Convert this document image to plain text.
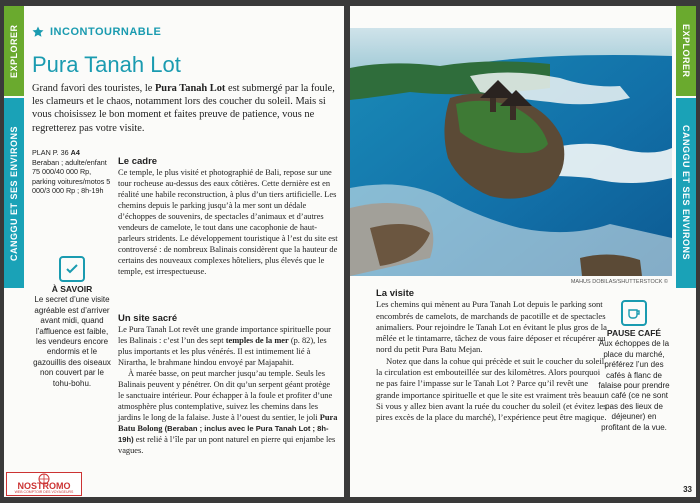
EXPLORER
CANGGU ET SES ENVIRONS
INCONTOURNABLE
Pura Tanah Lot
Grand favori des touristes, le Pura Tanah Lot est submergé par la foule, les clameurs et le chaos, notamment lors des coucher du soleil. Mais si vous choisissez le bon moment et faites preuve de patience, vous ne regretterez pas votre visite.
PLAN P. 36 A4
Beraban ; adulte/enfant 75 000/40 000 Rp, parking voitures/motos 5 000/3 000 Rp ; 8h-19h
Le cadre

Ce temple, le plus visité et photographié de Bali, repose sur une tour rocheuse au-dessus des eaux côtières. Cette dernière est en réalité une habile reconstruction, à plus d’un tiers artificielle. Les chemins depuis le parking jusqu’à la mer sont un dédale d’échoppes de souvenirs, de spectacles d’animaux et d’autres vendeurs de camelote, le tout dans une cacophonie de haut-parleurs stridents. Le développement touristique à l’est du site est controversé : de nombreux Balinais considèrent que la hauteur de certains des nouveaux complexes hôteliers, plus élevés que le temple, est irrespectueuse.

Un site sacré

Le Pura Tanah Lot revêt une grande importance spirituelle pour les Balinais : c’est l’un des sept temples de la mer (p. 82), les plus importants et les plus vénérés. Il est intimement lié à Nirartha, le brahmane hindou envoyé par Majapahit.

À marée basse, on peut marcher jusqu’au temple. Seuls les Balinais peuvent y pénétrer. On dit qu’un serpent géant protège le sanctuaire intérieur. Pour échapper à la foule et profiter d’une atmosphère plus contemplative, suivez les chemins dans les jardins le long de la falaise. Juste à l’ouest du sentier, le joli Pura Batu Bolong (Beraban ; inclus avec le Pura Tanah Lot ; 8h-19h) est relié à l’île par un pont naturel en pierre qui enjambe les vagues.

À SAVOIR
Le secret d’une visite agréable est d’arriver avant midi, quand l’affluence est faible, les vendeurs encore endormis et le gazouillis des oiseaux non couvert par le tohu-bohu.
NOSTROMO
WEB COMPTOIR DES VOYAGEURS
EXPLORER
CANGGU ET SES ENVIRONS
MAHUS DOBILAS/SHUTTERSTOCK ©
La visite

Les chemins qui mènent au Pura Tanah Lot depuis le parking sont encombrés de camelots, de marchands de pacotille et de spectacles animaliers. Pour rejoindre le Tanah Lot en évitant le plus gros de la mêlée et le tintamarre, tâchez de vous faire déposer et récupérer au nord du petit Pura Batu Mejan.

Notez que dans la cohue qui précède et suit le coucher du soleil, la circulation est embouteillée sur des kilomètres. Alors pourquoi ne pas faire l’impasse sur le Tanah Lot ? Parce qu’il revêt une grande importance spirituelle et que le site est vraiment très beau. Si vous y allez bien avant la ruée du coucher du soleil (et évitez les pires excès de la place du marché), l’expérience peut être magique.

PAUSE CAFÉ
Aux échoppes de la place du marché, préférez l’un des cafés à flanc de falaise pour prendre un café (ce ne sont pas des lieux de déjeuner) en profitant de la vue.
33
